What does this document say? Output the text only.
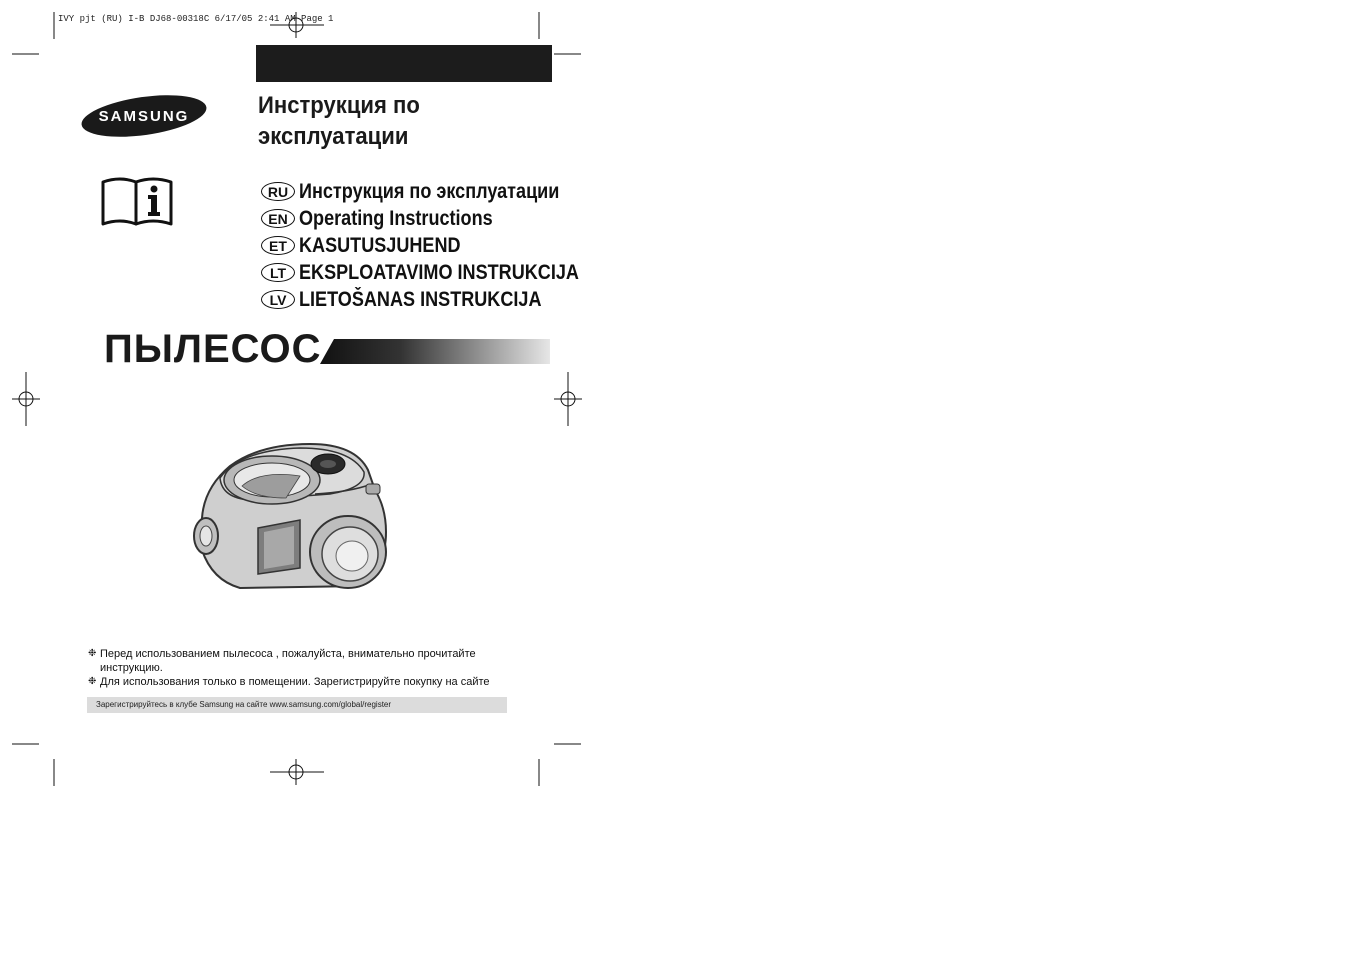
IVY pjt (RU) I-B DJ68-00318C 6/17/05 2:41 AM Page 1
SAMSUNG	Инструкция по
эксплуатации
RU Инструкция по эксплуатации
EN Operating Instructions
ET KASUTUSJUHEND
LT EKSPLOATAVIMO INSTRUKCIJA
LV LIETOŠANAS INSTRUKCIJA
ПЫЛЕСОС
❉ Перед использованием пылесоса , пожалуйста, внимательно прочитайте инструкцию.
❉ Для использования только в помещении. Зарегистрируйте покупку на сайте
Зарегистрируйтесь в клубе Samsung на сайте www.samsung.com/global/register
